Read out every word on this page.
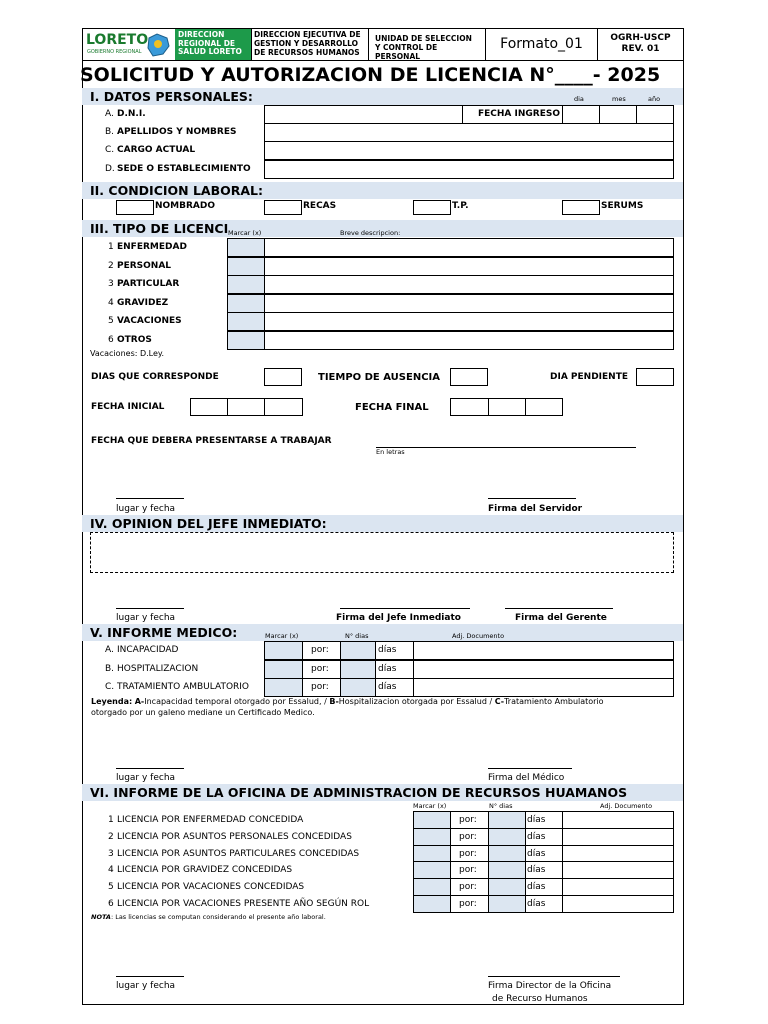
LORETO
GOBIERNO REGIONAL
DIRECCION REGIONAL DE SALUD LORETO
DIRECCION EJECUTIVA DE GESTION Y DESARROLLO DE RECURSOS HUMANOS
UNIDAD DE SELECCION Y CONTROL DE PERSONAL
Formato_01	OGRH-USCP
REV. 01
SOLICITUD Y AUTORIZACION DE LICENCIA N°____- 2025
I. DATOS PERSONALES:	dia	mes	año
A. D.N.I.	FECHA INGRESO
B. APELLIDOS Y NOMBRES
C. CARGO ACTUAL
D. SEDE O ESTABLECIMIENTO
II. CONDICION LABORAL:
NOMBRADO	RECAS	T.P.	SERUMS
III. TIPO DE LICENCI Marcar (x)	Breve descripcion:
1 ENFERMEDAD
2 PERSONAL
3 PARTICULAR
4 GRAVIDEZ
5 VACACIONES
6 OTROS
Vacaciones: D.Ley.
DIAS QUE CORRESPONDE	TIEMPO DE AUSENCIA	DIA PENDIENTE
FECHA INICIAL	FECHA FINAL
FECHA QUE DEBERA PRESENTARSE A TRABAJAR
En letras
lugar y fecha	Firma del Servidor
IV. OPINION DEL JEFE INMEDIATO:
lugar y fecha	Firma del Jefe Inmediato	Firma del Gerente
V. INFORME MEDICO:	Marcar (x)	N° dias	Adj. Documento
A. INCAPACIDAD	por:	días
B. HOSPITALIZACION	por:	días
C. TRATAMIENTO AMBULATORIO	por:	días
Leyenda: A-Incapacidad temporal otorgado por Essalud, / B-Hospitalizacion otorgada por Essalud / C-Tratamiento Ambulatorio
otorgado por un galeno mediane un Certificado Medico.
lugar y fecha	Firma del Médico
VI. INFORME DE LA OFICINA DE ADMINISTRACION DE RECURSOS HUAMANOS
Marcar (x)	N° dias	Adj. Documento
1 LICENCIA POR ENFERMEDAD CONCEDIDA	por:	días
2 LICENCIA POR ASUNTOS PERSONALES CONCEDIDAS	por:	días
3 LICENCIA POR ASUNTOS PARTICULARES CONCEDIDAS	por:	días
4 LICENCIA POR GRAVIDEZ CONCEDIDAS	por:	días
5 LICENCIA POR VACACIONES CONCEDIDAS	por:	días
6 LICENCIA POR VACACIONES PRESENTE AÑO SEGÚN ROL	por:	días
NOTA: Las licencias se computan considerando el presente año laboral.
lugar y fecha	Firma Director de la Oficina
de Recurso Humanos
